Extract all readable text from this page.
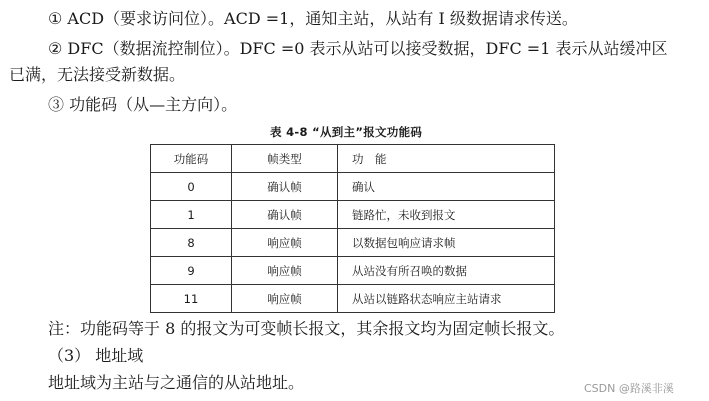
① ACD（要求访问位）。ACD =1，通知主站，从站有 I 级数据请求传送。
② DFC（数据流控制位）。DFC =0 表示从站可以接受数据，DFC =1 表示从站缓冲区
已满，无法接受新数据。
③ 功能码（从—主方向）。
表 4-8 “从到主”报文功能码
功能码	帧类型	功　能
0	确认帧	确认
1	确认帧	链路忙，未收到报文
8	响应帧	以数据包响应请求帧
9	响应帧	从站没有所召唤的数据
11	响应帧	从站以链路状态响应主站请求
注：功能码等于 8 的报文为可变帧长报文，其余报文均为固定帧长报文。
（3） 地址域
地址域为主站与之通信的从站地址。	CSDN @路溪非溪
